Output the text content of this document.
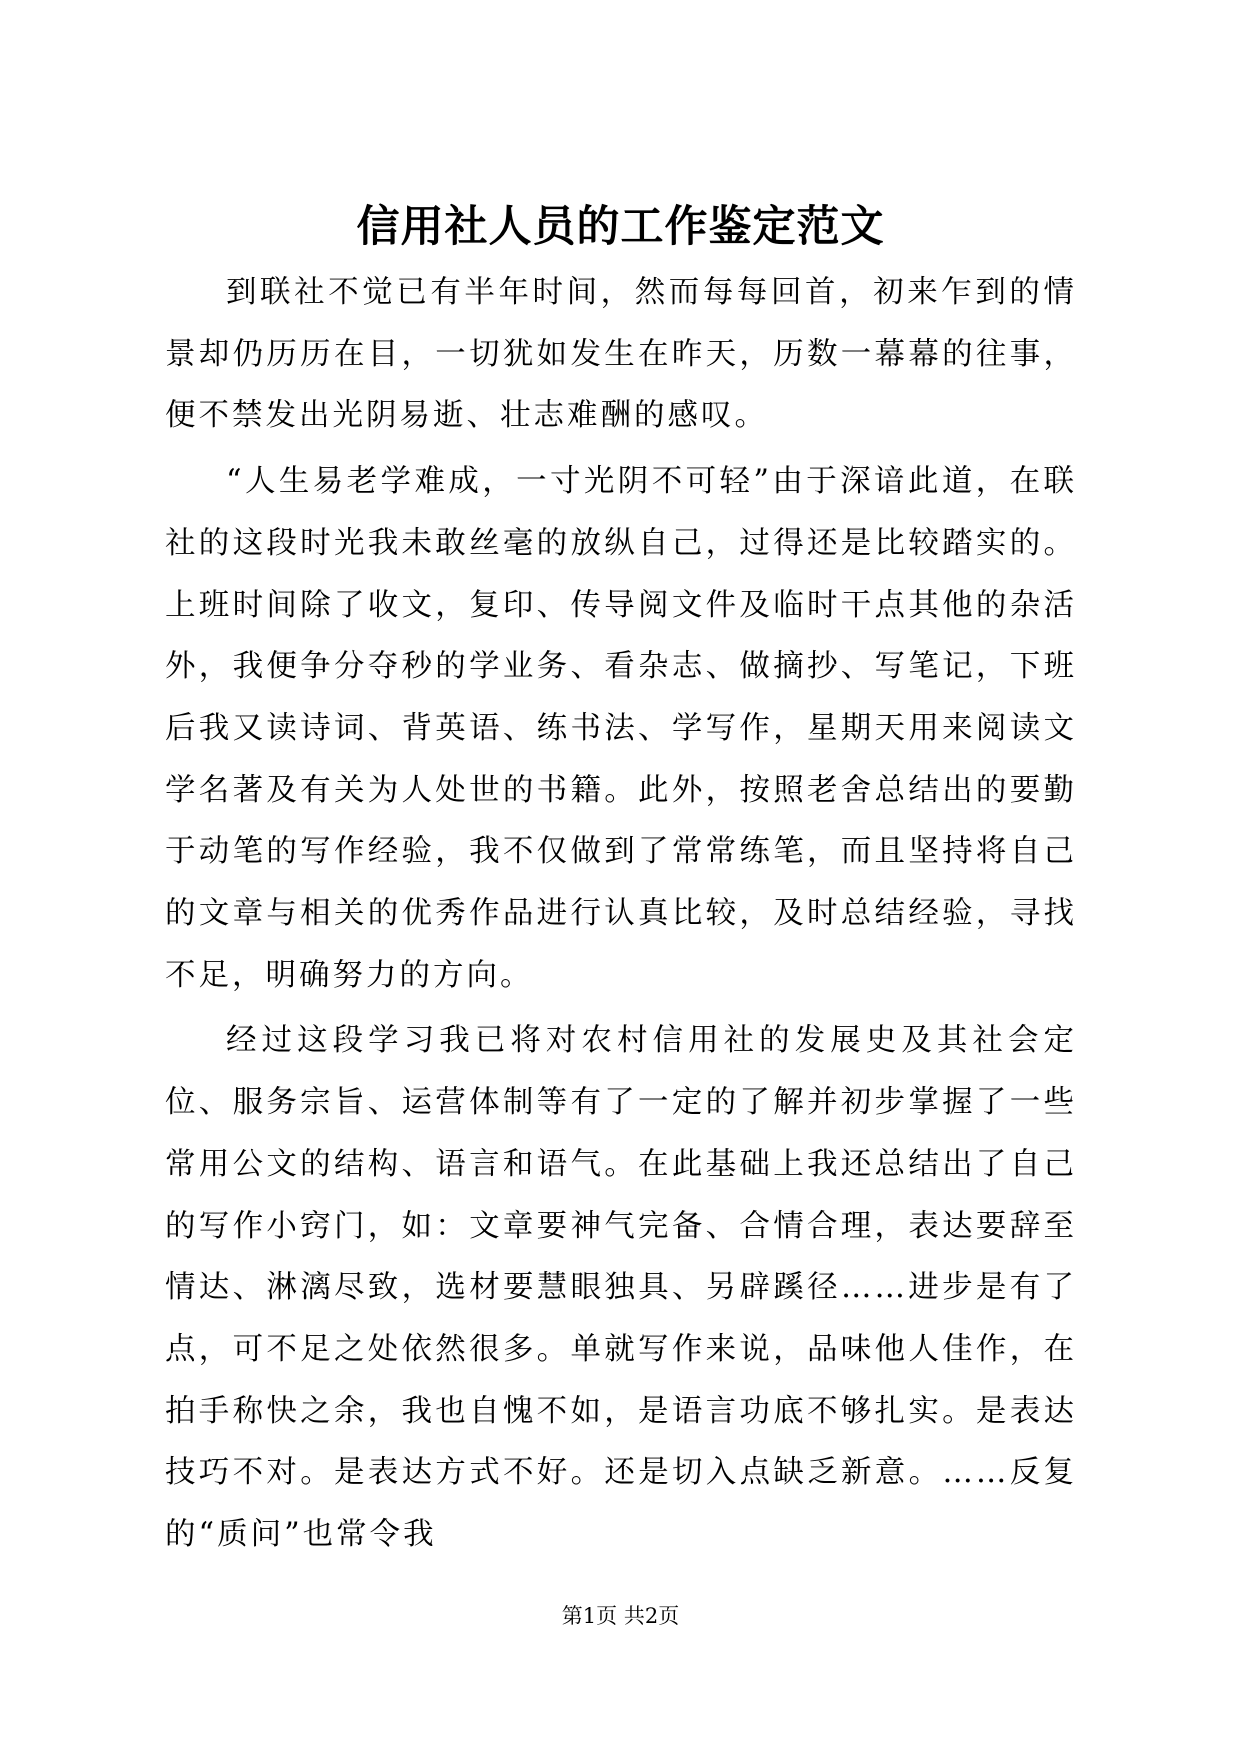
信用社人员的工作鉴定范文

到联社不觉已有半年时间，然而每每回首，初来乍到的情景却仍历历在目，一切犹如发生在昨天，历数一幕幕的往事，便不禁发出光阴易逝、壮志难酬的感叹。

“人生易老学难成，一寸光阴不可轻”由于深谙此道，在联社的这段时光我未敢丝毫的放纵自己，过得还是比较踏实的。上班时间除了收文，复印、传导阅文件及临时干点其他的杂活外，我便争分夺秒的学业务、看杂志、做摘抄、写笔记，下班后我又读诗词、背英语、练书法、学写作，星期天用来阅读文学名著及有关为人处世的书籍。此外，按照老舍总结出的要勤于动笔的写作经验，我不仅做到了常常练笔，而且坚持将自己的文章与相关的优秀作品进行认真比较，及时总结经验，寻找不足，明确努力的方向。

经过这段学习我已将对农村信用社的发展史及其社会定位、服务宗旨、运营体制等有了一定的了解并初步掌握了一些常用公文的结构、语言和语气。在此基础上我还总结出了自己的写作小窍门，如：文章要神气完备、合情合理，表达要辞至情达、淋漓尽致，选材要慧眼独具、另辟蹊径……进步是有了点，可不足之处依然很多。单就写作来说，品味他人佳作，在拍手称快之余，我也自愧不如，是语言功底不够扎实。是表达技巧不对。是表达方式不好。还是切入点缺乏新意。……反复的“质问”也常令我

第1页 共2页
